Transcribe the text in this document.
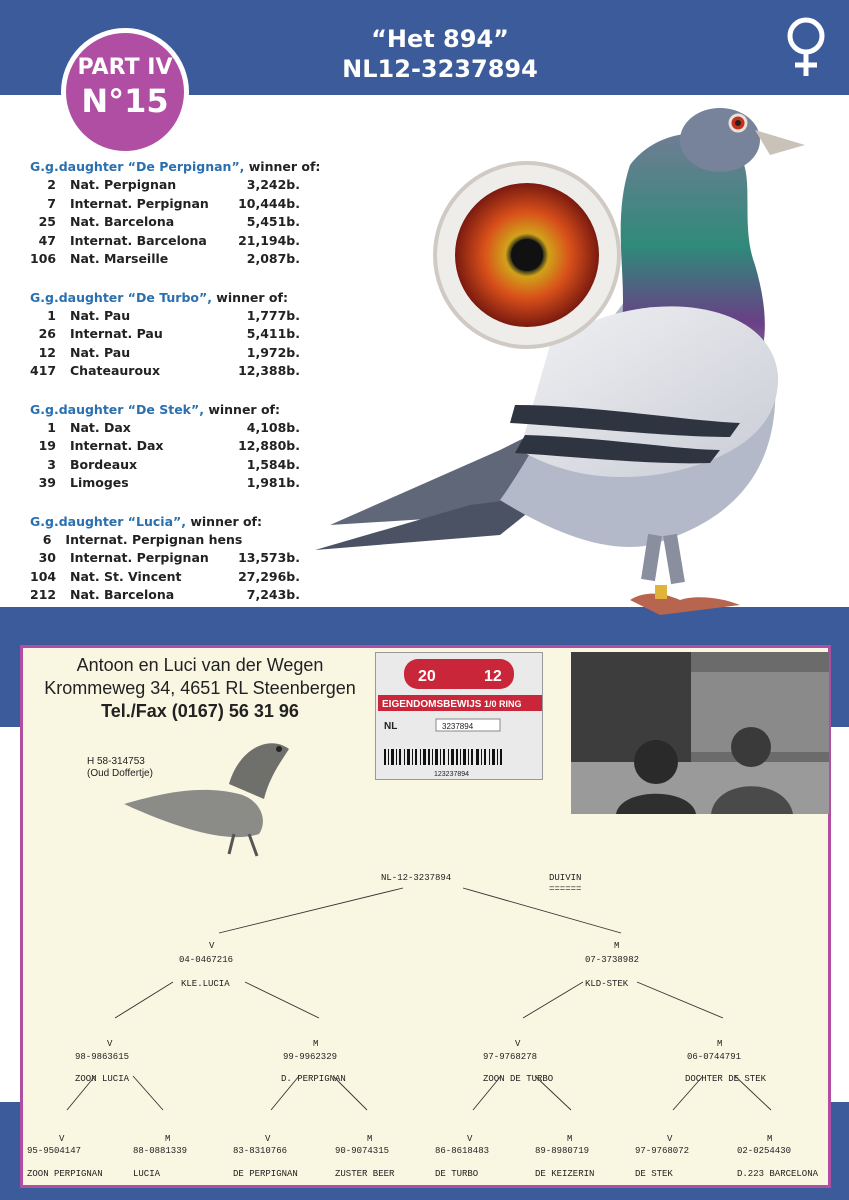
“Het 894”
NL12-3237894
PART IV
N°15
G.g.daughter “De Perpignan”, winner of:
2	Nat. Perpignan	3,242b.
7	Internat. Perpignan	10,444b.
25	Nat. Barcelona	5,451b.
47	Internat. Barcelona	21,194b.
106	Nat. Marseille	2,087b.
G.g.daughter “De Turbo”, winner of:
1	Nat. Pau	1,777b.
26	Internat. Pau	5,411b.
12	Nat. Pau	1,972b.
417	Chateauroux	12,388b.
G.g.daughter “De Stek”, winner of:
1	Nat. Dax	4,108b.
19	Internat. Dax	12,880b.
3	Bordeaux	1,584b.
39	Limoges	1,981b.
G.g.daughter “Lucia”, winner of:
6	Internat. Perpignan hens
30	Internat. Perpignan	13,573b.
104	Nat. St. Vincent	27,296b.
212	Nat. Barcelona	7,243b.
Antoon en Luci van der Wegen
Krommeweg 34, 4651 RL Steenbergen
Tel./Fax (0167) 56 31 96
H 58-314753
(Oud Doffertje)
20	12
EIGENDOMSBEWIJS 1/0 RING
NL	3237894
123237894
NL-12-3237894	DUIVIN
======
V
04-0467216
KLE.LUCIA
M
07-3738982
KLD-STEK
V
98-9863615
ZOON LUCIA
M
99-9962329
D. PERPIGNAN
V
97-9768278
ZOON DE TURBO
M
06-0744791
DOCHTER DE STEK
V
95-9504147
ZOON PERPIGNAN
M
88-0881339
LUCIA
V
83-8310766
DE PERPIGNAN
M
90-9074315
ZUSTER BEER
V
86-8618483
DE TURBO
M
89-8980719
DE KEIZERIN
V
97-9768072
DE STEK
M
02-0254430
D.223 BARCELONA
